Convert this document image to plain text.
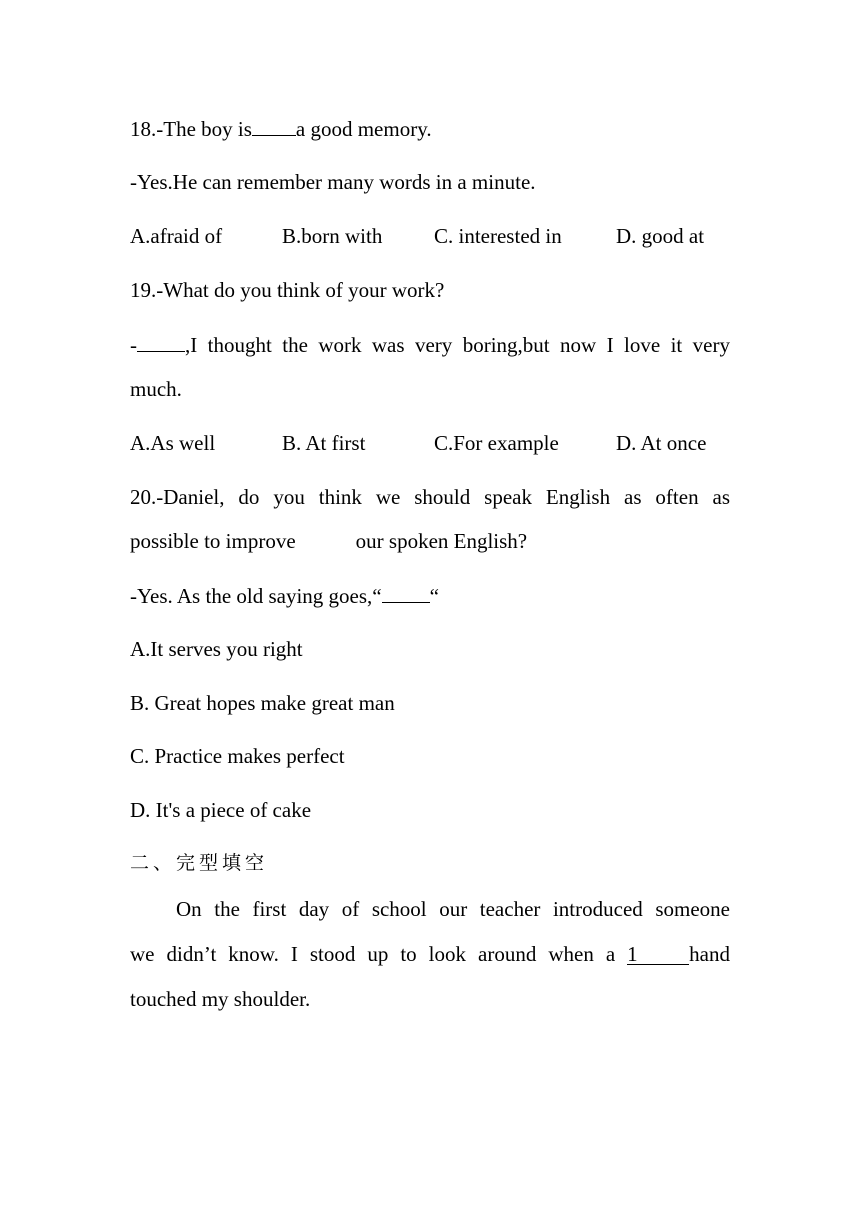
18.-The boy is a good memory.
-Yes.He can remember many words in a minute.
A.afraid of	B.born with C. interested in	D. good at
19.-What do you think of your work?
- ,I thought the work was very boring,but now I love it very
much.
A.As well	B. At first	C.For example	D. At once
20.-Daniel, do you think we should speak English as often as
possible to improve	our spoken English?
-Yes. As the old saying goes,“ “
A.It serves you right
B. Great hopes make great man
C. Practice makes perfect
D. It's a piece of cake
二、完型填空
On the first day of school our teacher introduced someone
we didn’t know. I stood up to look around when a 1 hand
touched my shoulder.
